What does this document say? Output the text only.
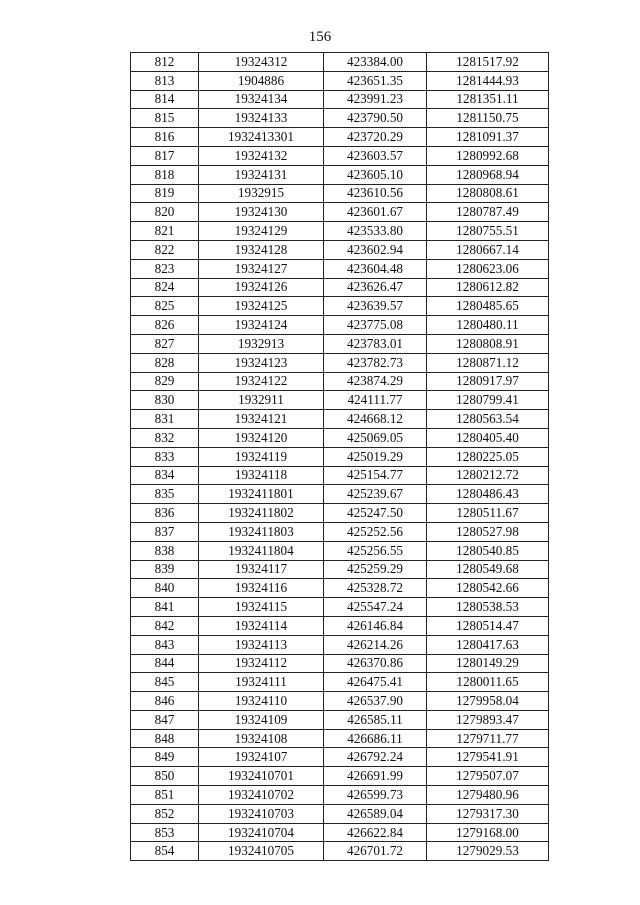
156
812	19324312	423384.00	1281517.92
813	1904886	423651.35	1281444.93
814	19324134	423991.23	1281351.11
815	19324133	423790.50	1281150.75
816	1932413301	423720.29	1281091.37
817	19324132	423603.57	1280992.68
818	19324131	423605.10	1280968.94
819	1932915	423610.56	1280808.61
820	19324130	423601.67	1280787.49
821	19324129	423533.80	1280755.51
822	19324128	423602.94	1280667.14
823	19324127	423604.48	1280623.06
824	19324126	423626.47	1280612.82
825	19324125	423639.57	1280485.65
826	19324124	423775.08	1280480.11
827	1932913	423783.01	1280808.91
828	19324123	423782.73	1280871.12
829	19324122	423874.29	1280917.97
830	1932911	424111.77	1280799.41
831	19324121	424668.12	1280563.54
832	19324120	425069.05	1280405.40
833	19324119	425019.29	1280225.05
834	19324118	425154.77	1280212.72
835	1932411801	425239.67	1280486.43
836	1932411802	425247.50	1280511.67
837	1932411803	425252.56	1280527.98
838	1932411804	425256.55	1280540.85
839	19324117	425259.29	1280549.68
840	19324116	425328.72	1280542.66
841	19324115	425547.24	1280538.53
842	19324114	426146.84	1280514.47
843	19324113	426214.26	1280417.63
844	19324112	426370.86	1280149.29
845	19324111	426475.41	1280011.65
846	19324110	426537.90	1279958.04
847	19324109	426585.11	1279893.47
848	19324108	426686.11	1279711.77
849	19324107	426792.24	1279541.91
850	1932410701	426691.99	1279507.07
851	1932410702	426599.73	1279480.96
852	1932410703	426589.04	1279317.30
853	1932410704	426622.84	1279168.00
854	1932410705	426701.72	1279029.53
